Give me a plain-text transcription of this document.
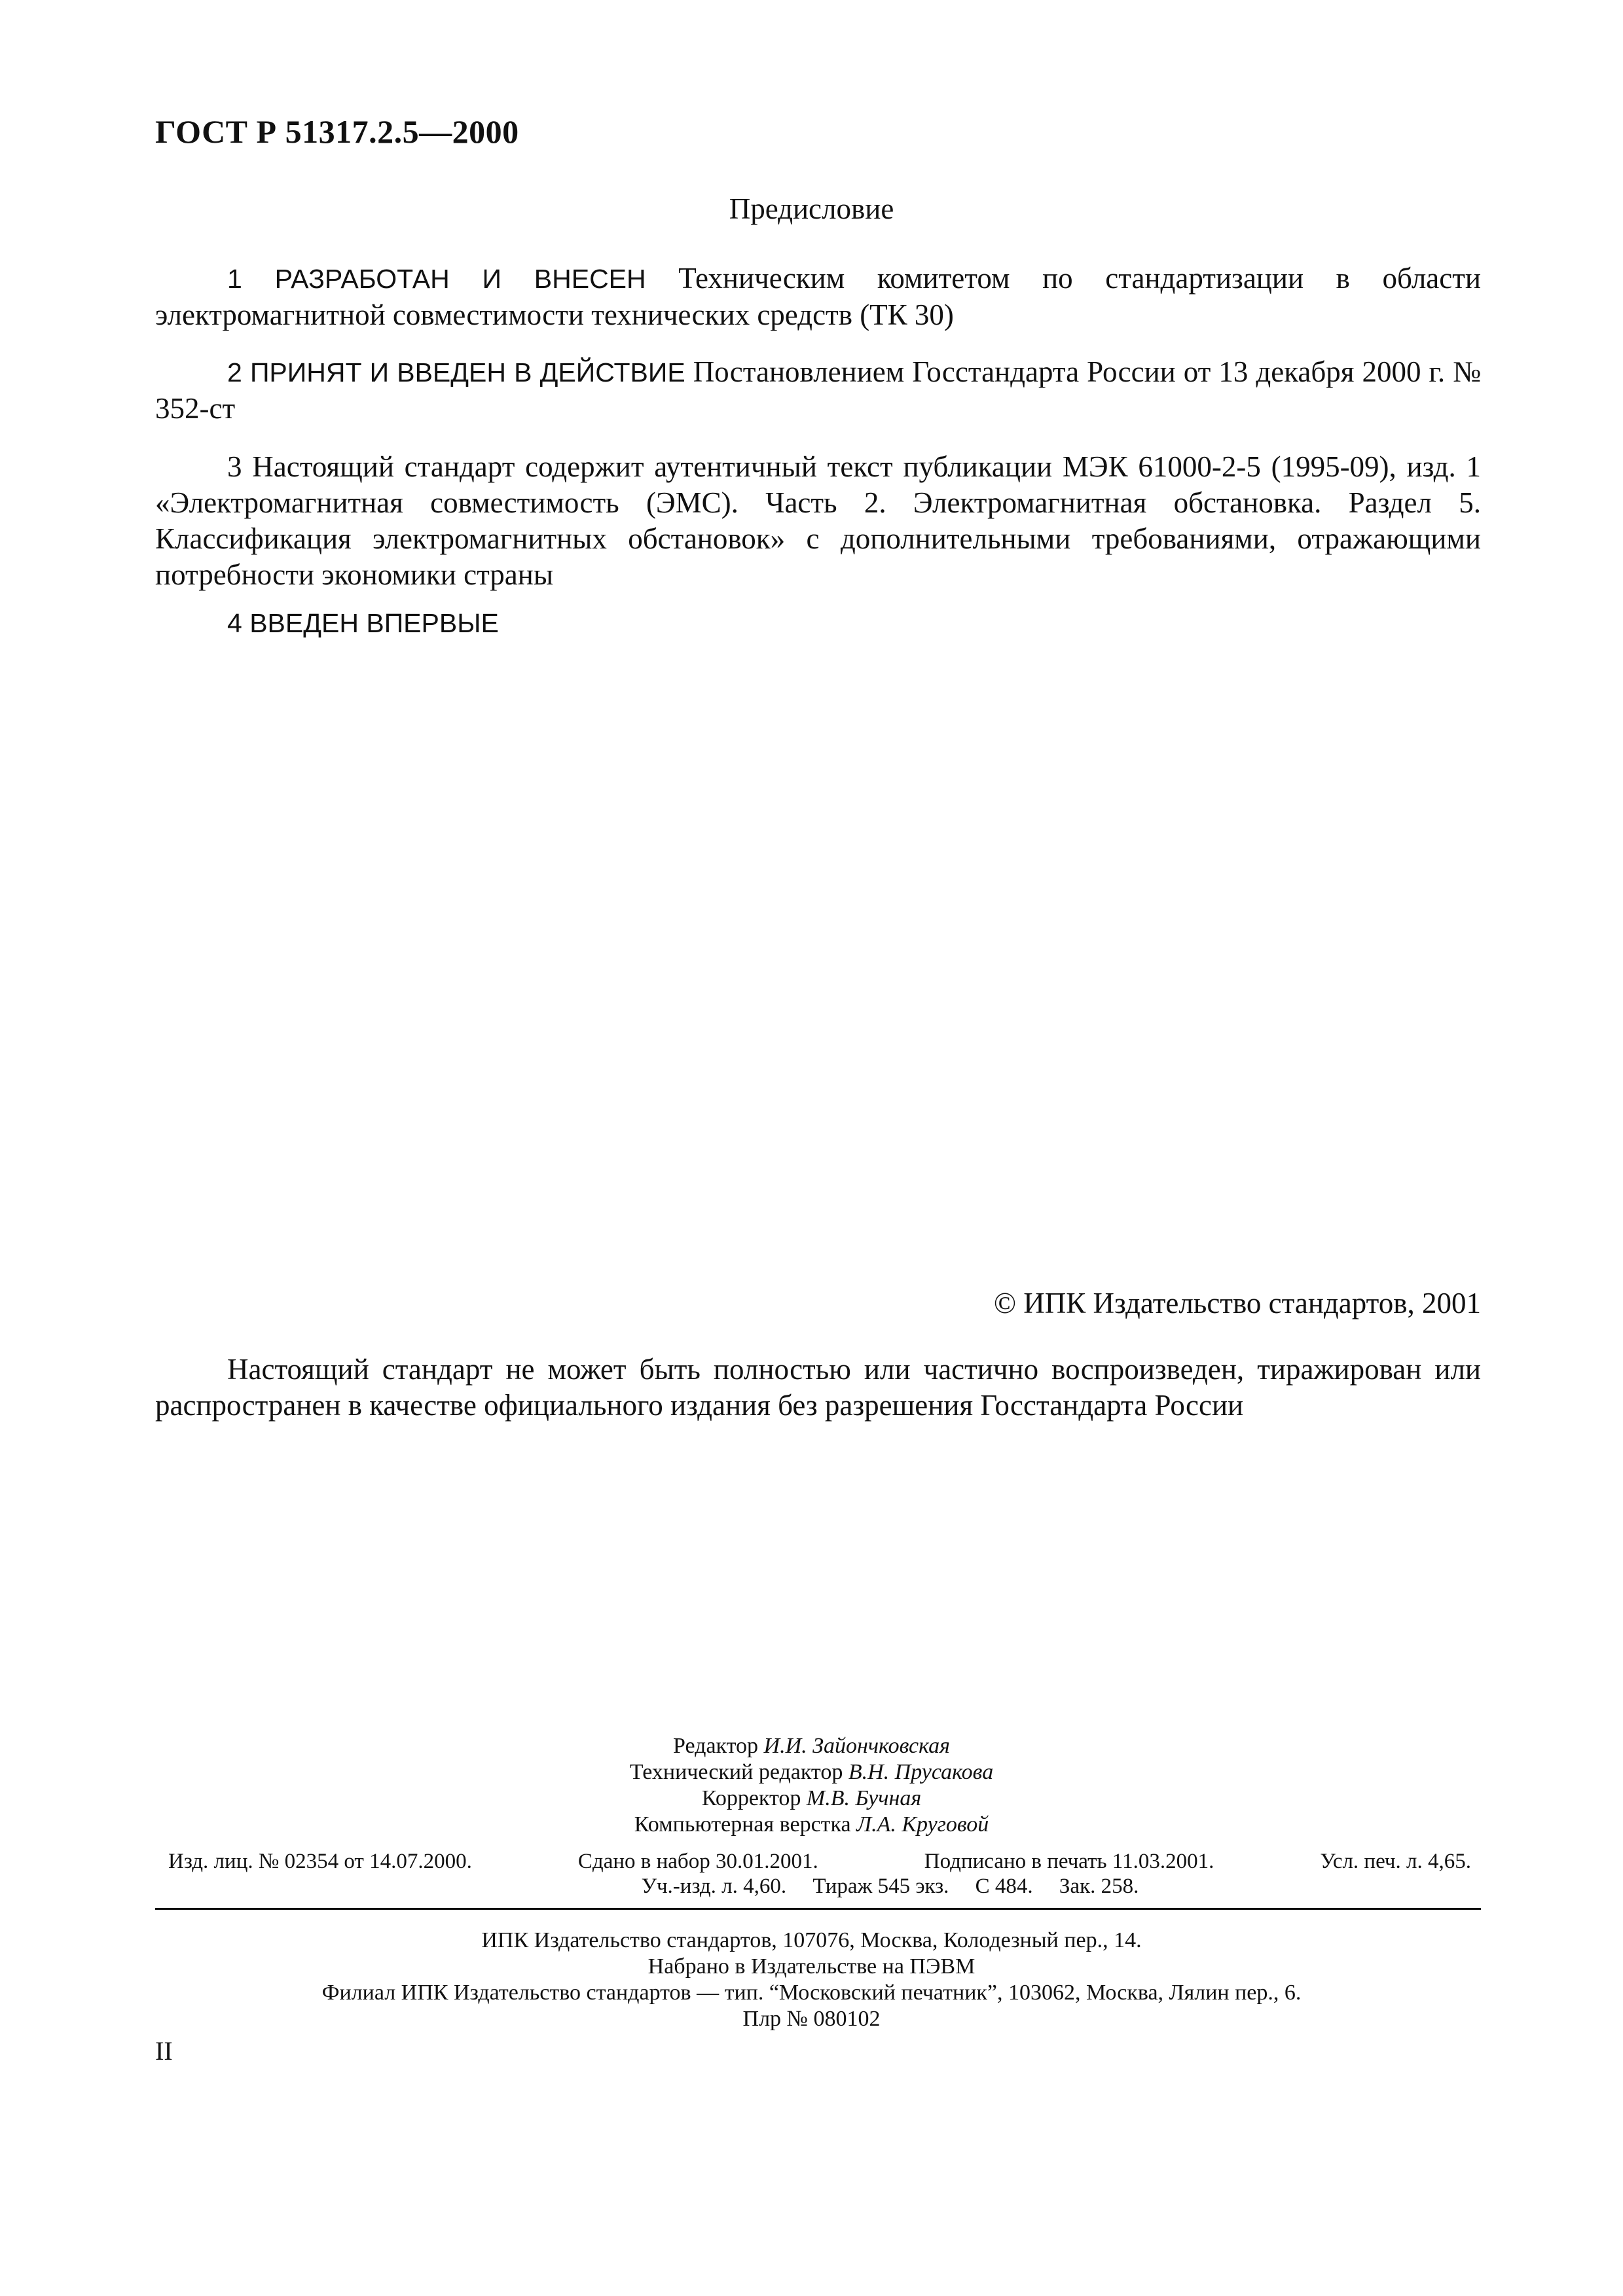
ГОСТ Р 51317.2.5—2000
Предисловие
1 РАЗРАБОТАН И ВНЕСЕН Техническим комитетом по стандартизации в области электромагнитной совместимости технических средств (ТК 30)
2 ПРИНЯТ И ВВЕДЕН В ДЕЙСТВИЕ Постановлением Госстандарта России от 13 декабря 2000 г. № 352-ст
3 Настоящий стандарт содержит аутентичный текст публикации МЭК 61000-2-5 (1995-09), изд. 1 «Электромагнитная совместимость (ЭМС). Часть 2. Электромагнитная обстановка. Раздел 5. Классификация электромагнитных обстановок» с дополнительными требованиями, отражающими потребности экономики страны
4 ВВЕДЕН ВПЕРВЫЕ
© ИПК Издательство стандартов, 2001
Настоящий стандарт не может быть полностью или частично воспроизведен, тиражирован или распространен в качестве официального издания без разрешения Госстандарта России
Редактор И.И. Зайончковская
Технический редактор В.Н. Прусакова
Корректор М.В. Бучная
Компьютерная верстка Л.А. Круговой
Изд. лиц. № 02354 от 14.07.2000.	Сдано в набор 30.01.2001.	Подписано в печать 11.03.2001.	Усл. печ. л. 4,65.
Уч.-изд. л. 4,60. Тираж 545 экз. С 484. Зак. 258.
ИПК Издательство стандартов, 107076, Москва, Колодезный пер., 14.
Набрано в Издательстве на ПЭВМ
Филиал ИПК Издательство стандартов — тип. “Московский печатник”, 103062, Москва, Лялин пер., 6.
Плр № 080102
II
